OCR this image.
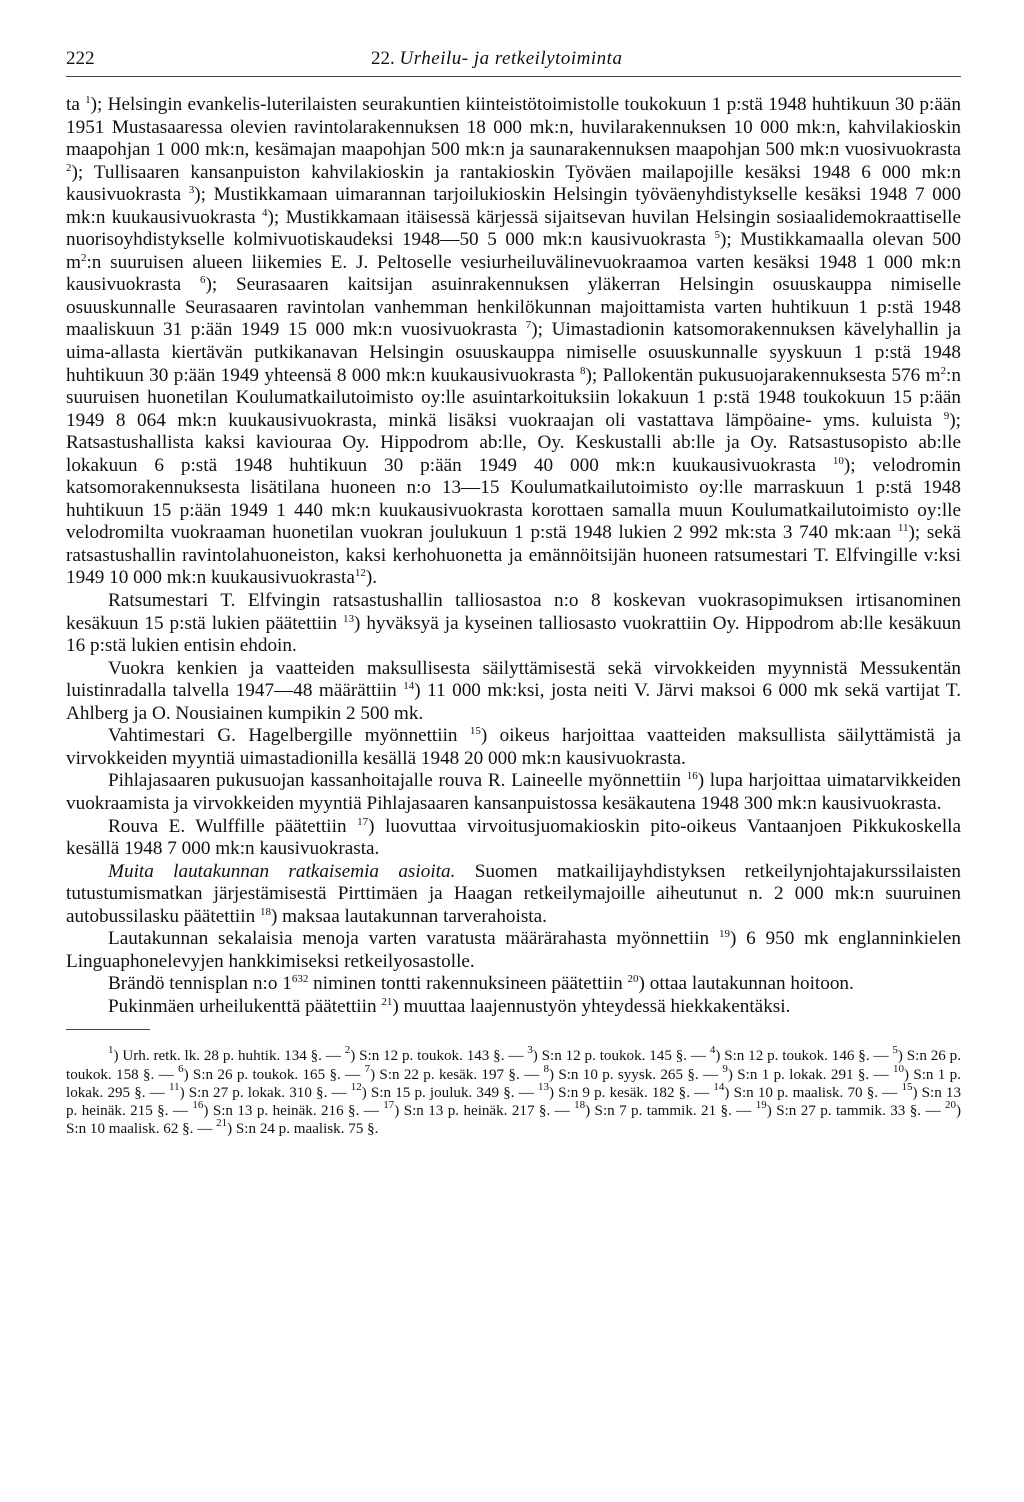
222	22. Urheilu- ja retkeilytoiminta

ta $^1$); Helsingin evankelis-luterilaisten seurakuntien kiinteistötoimistolle toukokuun 1 p:stä 1948 huhtikuun 30 p:ään 1951 Mustasaaressa olevien ravintolarakennuksen 18 000 mk:n, huvilarakennuksen 10 000 mk:n, kahvilakioskin maapohjan 1 000 mk:n, kesämajan maapohjan 500 mk:n ja saunarakennuksen maapohjan 500 mk:n vuosivuokrasta $^2$); Tullisaaren kansanpuiston kahvilakioskin ja rantakioskin Työväen mailapojille kesäksi 1948 6 000 mk:n kausivuokrasta $^3$); Mustikkamaan uimarannan tarjoilukioskin Helsingin työväenyhdistykselle kesäksi 1948 7 000 mk:n kuukausivuokrasta $^4$); Mustikkamaan itäisessä kärjessä sijaitsevan huvilan Helsingin sosiaalidemokraattiselle nuorisoyhdistykselle kolmivuotiskaudeksi 1948—50 5 000 mk:n kausivuokrasta $^5$); Mustikkamaalla olevan 500 $m^2:n$ suuruisen alueen liikemies E. J. Peltoselle vesiurheiluvälinevuokraamoa varten kesäksi 1948 1 000 mk:n kausivuokrasta $^6$); Seurasaaren kaitsijan asuinrakennuksen yläkerran Helsingin osuuskauppa nimiselle osuuskunnalle Seurasaaren ravintolan vanhemman henkilökunnan majoittamista varten huhtikuun 1 p:stä 1948 maaliskuun 31 p:ään 1949 15 000 mk:n vuosivuokrasta $^7$); Uimastadionin katsomorakennuksen kävelyhallin ja uima-allasta kiertävän putkikanavan Helsingin osuuskauppa nimiselle osuuskunnalle syyskuun 1 p:stä 1948 huhtikuun 30 p:ään 1949 yhteensä 8 000 mk:n kuukausivuokrasta $^8$); Pallokentän pukusuojarakennuksesta 576 $m^2:n$ suuruisen huonetilan Koulumatkailutoimisto oy:lle asuintarkoituksiin lokakuun 1 p:stä 1948 toukokuun 15 p:ään 1949 8 064 mk:n kuukausivuokrasta, minkä lisäksi vuokraajan oli vastattava lämpöaine- yms. kuluista $^9$); Ratsastushallista kaksi kaviouraa Oy. Hippodrom ab:lle, Oy. Keskustalli ab:lle ja Oy. Ratsastusopisto ab:lle lokakuun 6 p:stä 1948 huhtikuun 30 p:ään 1949 40 000 mk:n kuukausivuokrasta $^{10}$); velodromin katsomorakennuksesta lisätilana huoneen n:o 13—15 Koulumatkailutoimisto oy:lle marraskuun 1 p:stä 1948 huhtikuun 15 p:ään 1949 1 440 mk:n kuukausivuokrasta korottaen samalla muun Koulumatkailutoimisto oy:lle velodromilta vuokraaman huonetilan vuokran joulukuun 1 p:stä 1948 lukien 2 992 mk:sta 3 740 mk:aan $^{11}$); sekä ratsastushallin ravintolahuoneiston, kaksi kerhohuonetta ja emännöitsijän huoneen ratsumestari T. Elfvingille v:ksi 1949 10 000 mk:n kuukausivuokrasta$^{12}$).

Ratsumestari T. Elfvingin ratsastushallin talliosastoa n:o 8 koskevan vuokrasopimuksen irtisanominen kesäkuun 15 p:stä lukien päätettiin $^{13}$) hyväksyä ja kyseinen talliosasto vuokrattiin Oy. Hippodrom ab:lle kesäkuun 16 p:stä lukien entisin ehdoin.

Vuokra kenkien ja vaatteiden maksullisesta säilyttämisestä sekä virvokkeiden myynnistä Messukentän luistinradalla talvella 1947—48 määrättiin $^{14}$) 11 000 mk:ksi, josta neiti V. Järvi maksoi 6 000 mk sekä vartijat T. Ahlberg ja O. Nousiainen kumpikin 2 500 mk.

Vahtimestari G. Hagelbergille myönnettiin $^{15}$) oikeus harjoittaa vaatteiden maksullista säilyttämistä ja virvokkeiden myyntiä uimastadionilla kesällä 1948 20 000 mk:n kausivuokrasta.

Pihlajasaaren pukusuojan kassanhoitajalle rouva R. Laineelle myönnettiin $^{16}$) lupa harjoittaa uimatarvikkeiden vuokraamista ja virvokkeiden myyntiä Pihlajasaaren kansanpuistossa kesäkautena 1948 300 mk:n kausivuokrasta.

Rouva E. Wulffille päätettiin $^{17}$) luovuttaa virvoitusjuomakioskin pito-oikeus Vantaanjoen Pikkukoskella kesällä 1948 7 000 mk:n kausivuokrasta.

Muita lautakunnan ratkaisemia asioita. Suomen matkailijayhdistyksen retkeilynjohtajakurssilaisten tutustumismatkan järjestämisestä Pirttimäen ja Haagan retkeilymajoille aiheutunut n. 2 000 mk:n suuruinen autobussilasku päätettiin $^{18}$) maksaa lautakunnan tarverahoista.

Lautakunnan sekalaisia menoja varten varatusta määrärahasta myönnettiin $^{19}$) 6 950 mk englanninkielen Linguaphonelevyjen hankkimiseksi retkeilyosastolle.

Brändö tennisplan n:o $1^{632}$ niminen tontti rakennuksineen päätettiin $^{20}$) ottaa lautakunnan hoitoon.

Pukinmäen urheilukenttä päätettiin $^{21}$) muuttaa laajennustyön yhteydessä hiekkakentäksi.

$^1$) Urh. retk. lk. 28 p. huhtik. 134 §. — $^2$) S:n 12 p. toukok. 143 §. — $^3$) S:n 12 p. toukok. 145 §. — $^4$) S:n 12 p. toukok. 146 §. — $^5$) S:n 26 p. toukok. 158 §. — $^6$) S:n 26 p. toukok. 165 §. — $^7$) S:n 22 p. kesäk. 197 §. — $^8$) S:n 10 p. syysk. 265 §. — $^9$) S:n 1 p. lokak. 291 §. — $^{10}$) S:n 1 p. lokak. 295 §. — $^{11}$) S:n 27 p. lokak. 310 §. — $^{12}$) S:n 15 p. jouluk. 349 §. — $^{13}$) S:n 9 p. kesäk. 182 §. — $^{14}$) S:n 10 p. maalisk. 70 §. — $^{15}$) S:n 13 p. heinäk. 215 §. — $^{16}$) S:n 13 p. heinäk. 216 §. — $^{17}$) S:n 13 p. heinäk. 217 §. — $^{18}$) S:n 7 p. tammik. 21 §. — $^{19}$) S:n 27 p. tammik. 33 §. — $^{20}$) S:n 10 maalisk. 62 §. — $^{21}$) S:n 24 p. maalisk. 75 §.
